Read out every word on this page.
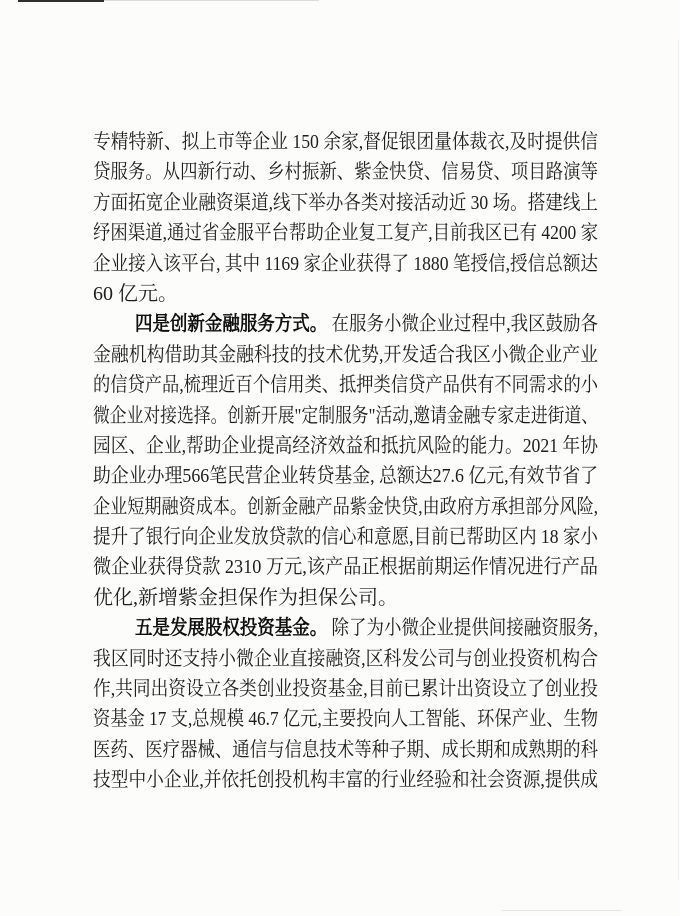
专精特新、拟上市等企业 150 余家,督促银团量体裁衣,及时提供信
贷服务。从四新行动、乡村振新、紫金快贷、信易贷、项目路演等
方面拓宽企业融资渠道,线下举办各类对接活动近 30 场。搭建线上
纾困渠道,通过省金服平台帮助企业复工复产,目前我区已有 4200 家
企业接入该平台, 其中 1169 家企业获得了 1880 笔授信,授信总额达
60 亿元。
四是创新金融服务方式。 在服务小微企业过程中,我区鼓励各
金融机构借助其金融科技的技术优势,开发适合我区小微企业产业
的信贷产品,梳理近百个信用类、抵押类信贷产品供有不同需求的小
微企业对接选择。创新开展"定制服务"活动,邀请金融专家走进街道、
园区、企业,帮助企业提高经济效益和抵抗风险的能力。2021 年协
助企业办理566笔民营企业转贷基金, 总额达27.6 亿元,有效节省了
企业短期融资成本。创新金融产品紫金快贷,由政府方承担部分风险,
提升了银行向企业发放贷款的信心和意愿,目前已帮助区内 18 家小
微企业获得贷款 2310 万元,该产品正根据前期运作情况进行产品
优化,新增紫金担保作为担保公司。
五是发展股权投资基金。 除了为小微企业提供间接融资服务,
我区同时还支持小微企业直接融资,区科发公司与创业投资机构合
作,共同出资设立各类创业投资基金,目前已累计出资设立了创业投
资基金 17 支,总规模 46.7 亿元,主要投向人工智能、环保产业、生物
医药、医疗器械、通信与信息技术等种子期、成长期和成熟期的科
技型中小企业,并依托创投机构丰富的行业经验和社会资源,提供成
